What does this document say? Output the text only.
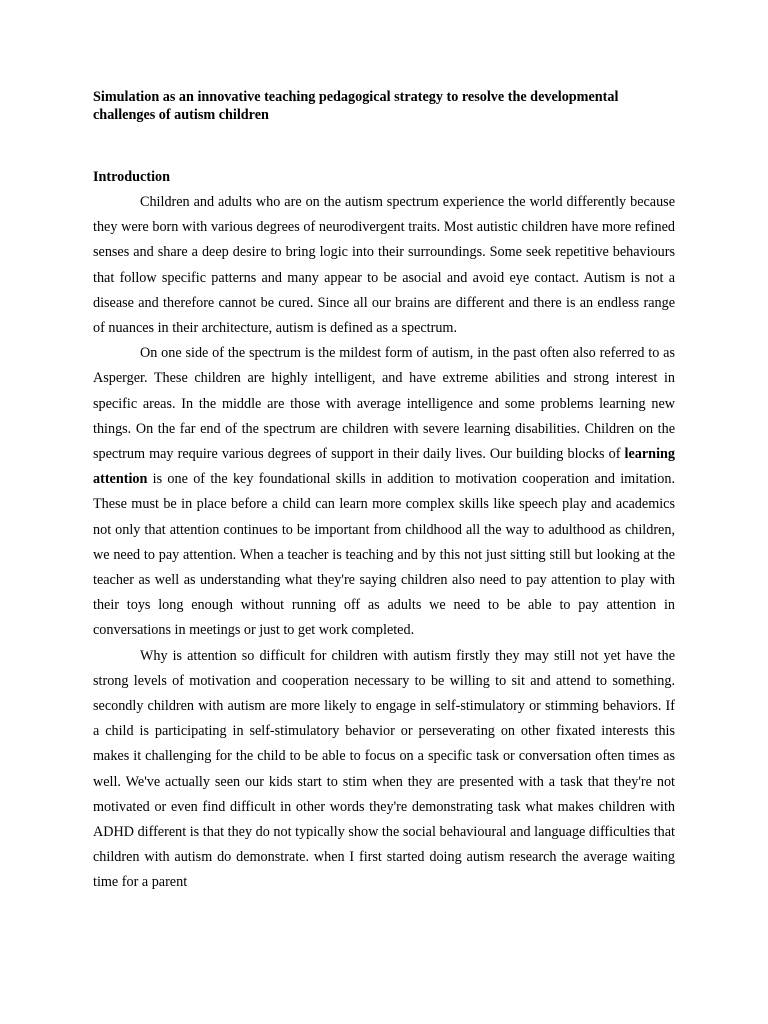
Simulation as an innovative teaching pedagogical strategy to resolve the developmental challenges of autism children

Introduction

Children and adults who are on the autism spectrum experience the world differently because they were born with various degrees of neurodivergent traits. Most autistic children have more refined senses and share a deep desire to bring logic into their surroundings. Some seek repetitive behaviours that follow specific patterns and many appear to be asocial and avoid eye contact. Autism is not a disease and therefore cannot be cured. Since all our brains are different and there is an endless range of nuances in their architecture, autism is defined as a spectrum.

On one side of the spectrum is the mildest form of autism, in the past often also referred to as Asperger. These children are highly intelligent, and have extreme abilities and strong interest in specific areas. In the middle are those with average intelligence and some problems learning new things. On the far end of the spectrum are children with severe learning disabilities. Children on the spectrum may require various degrees of support in their daily lives. Our building blocks of learning attention is one of the key foundational skills in addition to motivation cooperation and imitation. These must be in place before a child can learn more complex skills like speech play and academics not only that attention continues to be important from childhood all the way to adulthood as children, we need to pay attention. When a teacher is teaching and by this not just sitting still but looking at the teacher as well as understanding what they're saying children also need to pay attention to play with their toys long enough without running off as adults we need to be able to pay attention in conversations in meetings or just to get work completed.

Why is attention so difficult for children with autism firstly they may still not yet have the strong levels of motivation and cooperation necessary to be willing to sit and attend to something. secondly children with autism are more likely to engage in self-stimulatory or stimming behaviors. If a child is participating in self-stimulatory behavior or perseverating on other fixated interests this makes it challenging for the child to be able to focus on a specific task or conversation often times as well. We've actually seen our kids start to stim when they are presented with a task that they're not motivated or even find difficult in other words they're demonstrating task what makes children with ADHD different is that they do not typically show the social behavioural and language difficulties that children with autism do demonstrate. when I first started doing autism research the average waiting time for a parent
